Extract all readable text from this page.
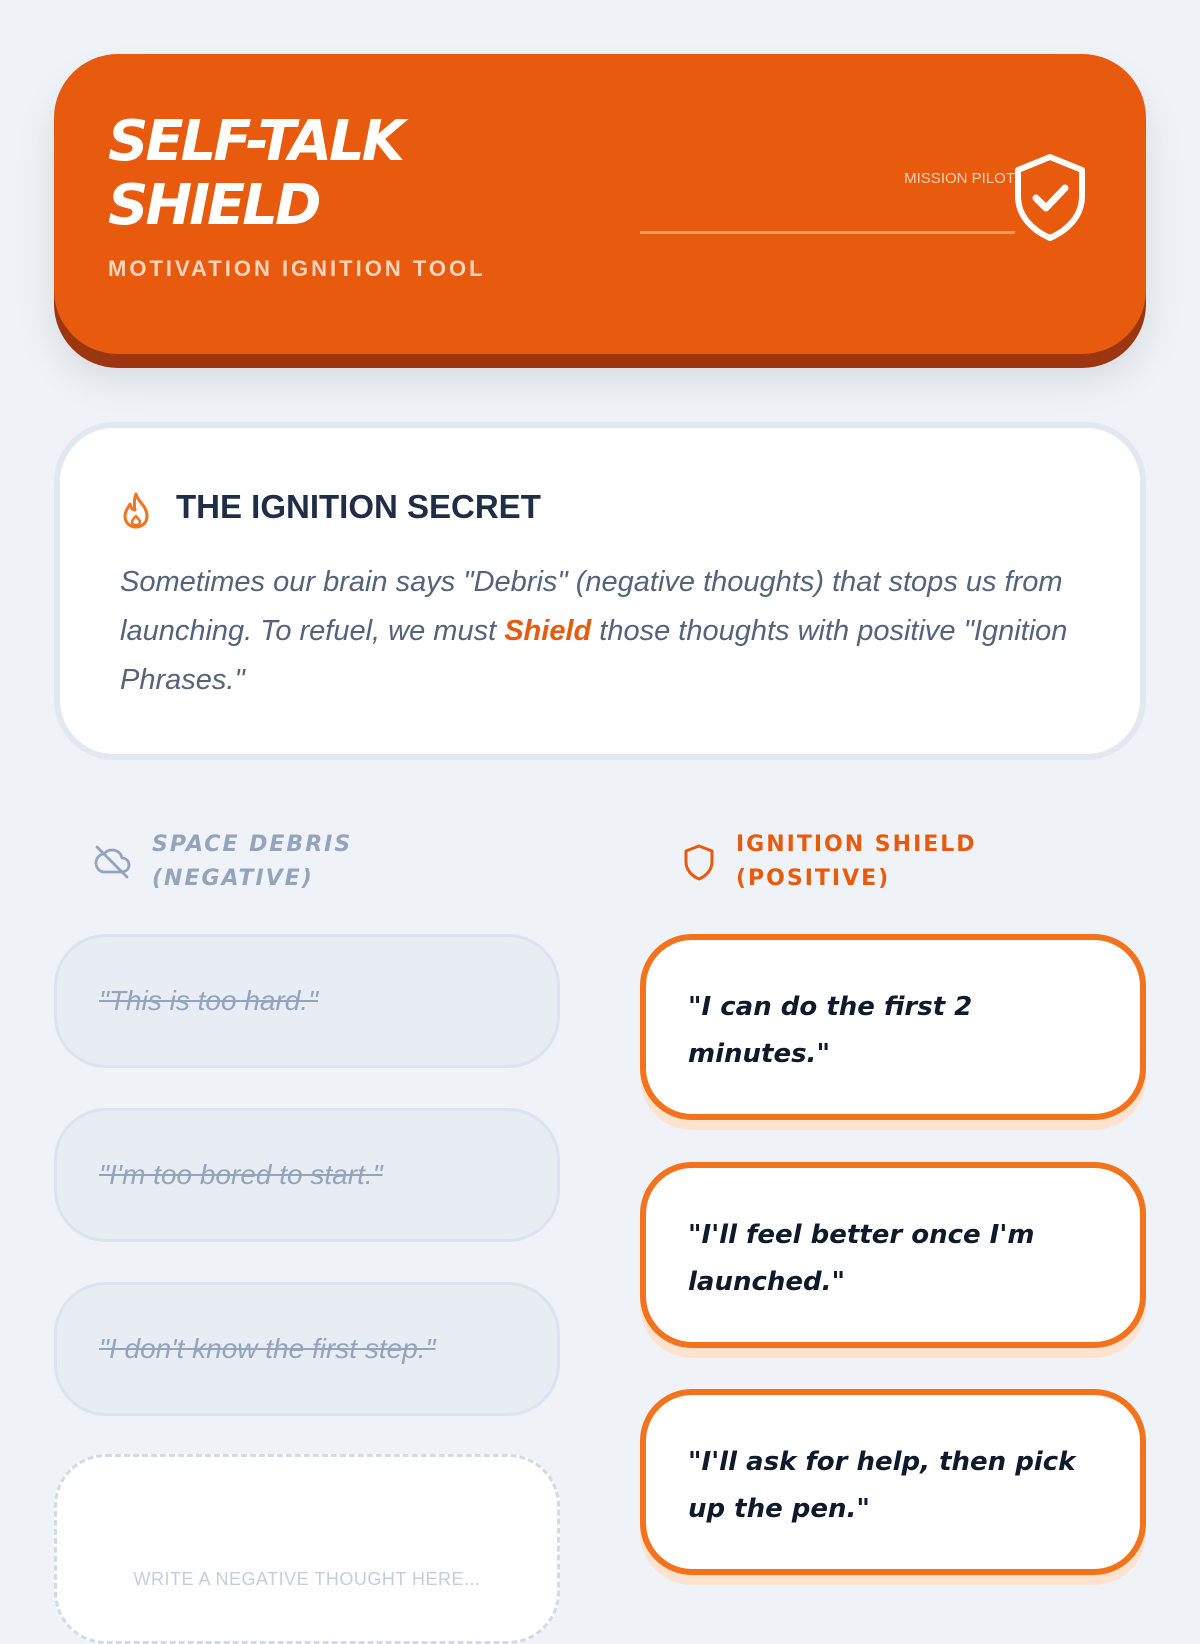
SELF-TALK
SHIELD
MOTIVATION IGNITION TOOL
MISSION PILOT
THE IGNITION SECRET

Sometimes our brain says "Debris" (negative thoughts) that stops us from launching. To refuel, we must Shield those thoughts with positive "Ignition Phrases."

SPACE DEBRIS
(NEGATIVE)
IGNITION SHIELD
(POSITIVE)
"This is too hard."
"I'm too bored to start."
"I don't know the first step."
WRITE A NEGATIVE THOUGHT HERE...
"I can do the first 2 minutes."
"I'll feel better once I'm launched."
"I'll ask for help, then pick up the pen."
